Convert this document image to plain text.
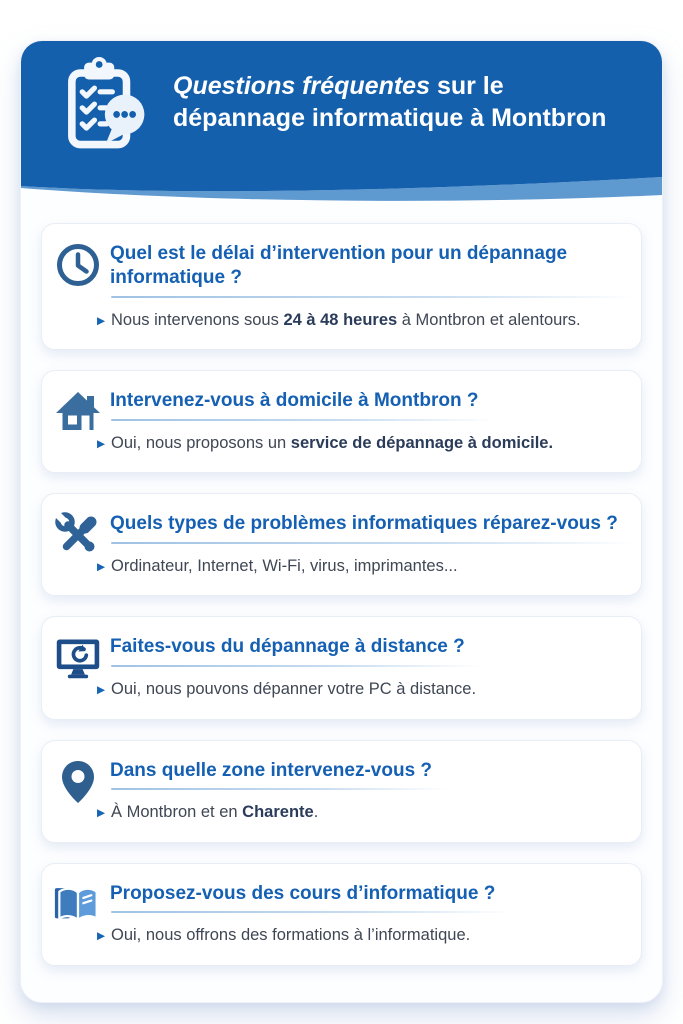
Questions fréquentes sur le
dépannage informatique à Montbron
Quel est le délai d’intervention pour un dépannage informatique ?
▶ Nous intervenons sous 24 à 48 heures à Montbron et alentours.
Intervenez-vous à domicile à Montbron ?
▶ Oui, nous proposons un service de dépannage à domicile.
Quels types de problèmes informatiques réparez-vous ?
▶ Ordinateur, Internet, Wi-Fi, virus, imprimantes...
Faites-vous du dépannage à distance ?
▶ Oui, nous pouvons dépanner votre PC à distance.
Dans quelle zone intervenez-vous ?
▶ À Montbron et en Charente.
Proposez-vous des cours d’informatique ?
▶ Oui, nous offrons des formations à l’informatique.
